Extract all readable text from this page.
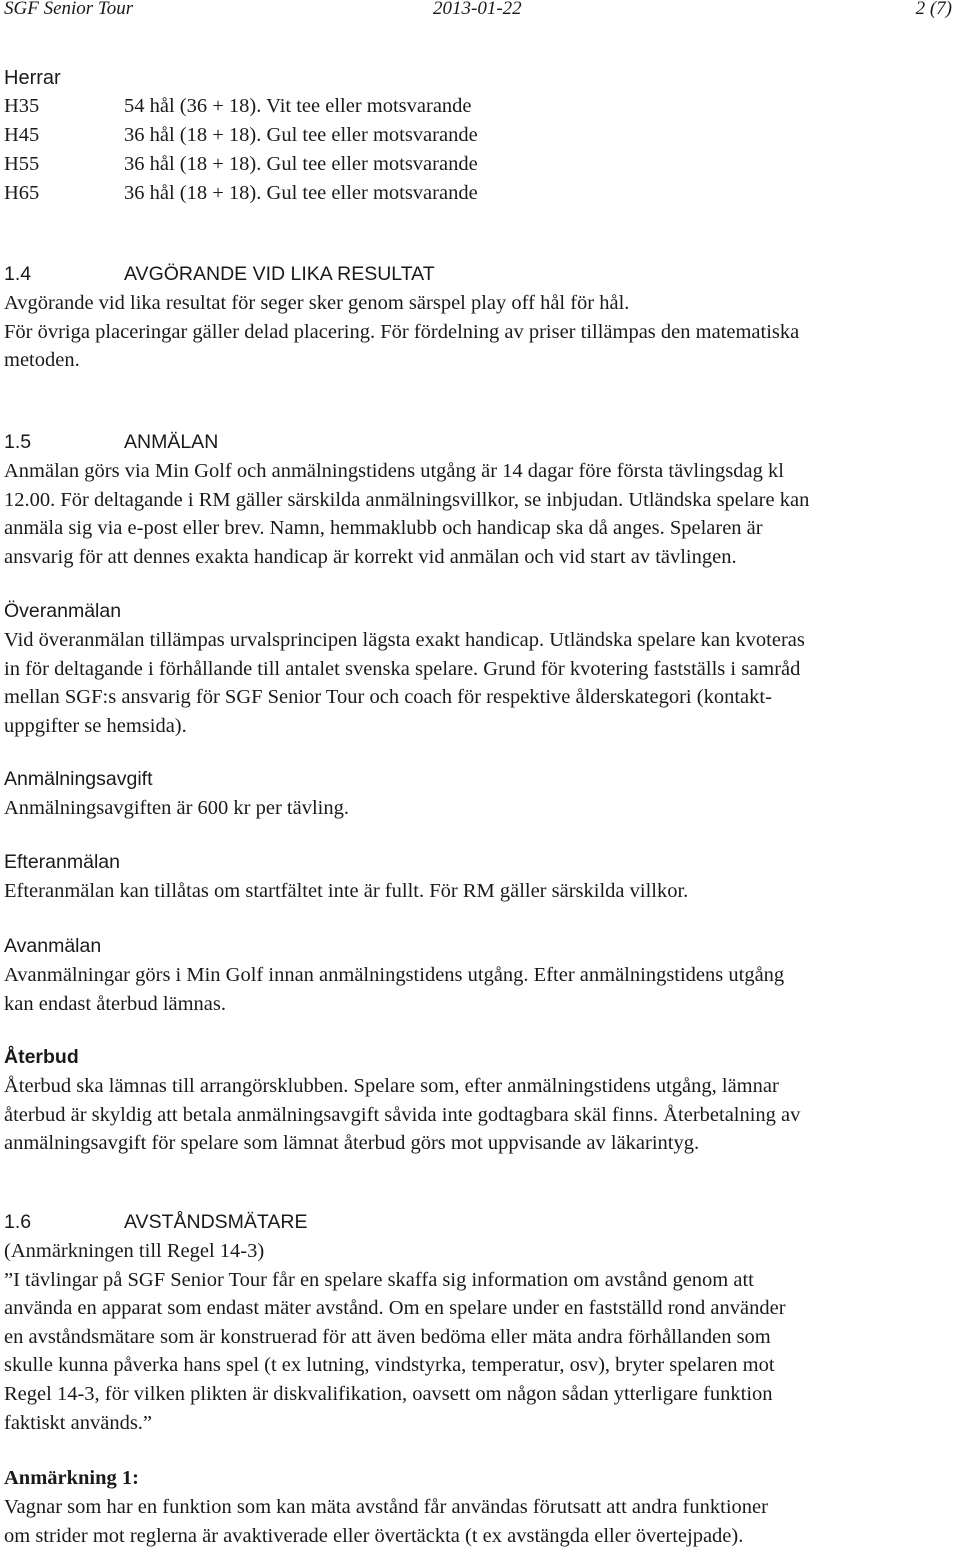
SGF Senior Tour	2013-01-22	2 (7)
Herrar
H35	54 hål (36 + 18). Vit tee eller motsvarande
H45	36 hål (18 + 18). Gul tee eller motsvarande
H55	36 hål (18 + 18). Gul tee eller motsvarande
H65	36 hål (18 + 18). Gul tee eller motsvarande
1.4	AVGÖRANDE VID LIKA RESULTAT
Avgörande vid lika resultat för seger sker genom särspel play off hål för hål.
För övriga placeringar gäller delad placering. För fördelning av priser tillämpas den matematiska
metoden.
1.5	ANMÄLAN
Anmälan görs via Min Golf och anmälningstidens utgång är 14 dagar före första tävlingsdag kl
12.00. För deltagande i RM gäller särskilda anmälningsvillkor, se inbjudan. Utländska spelare kan
anmäla sig via e-post eller brev. Namn, hemmaklubb och handicap ska då anges. Spelaren är
ansvarig för att dennes exakta handicap är korrekt vid anmälan och vid start av tävlingen.
Överanmälan
Vid överanmälan tillämpas urvalsprincipen lägsta exakt handicap. Utländska spelare kan kvoteras
in för deltagande i förhållande till antalet svenska spelare. Grund för kvotering fastställs i samråd
mellan SGF:s ansvarig för SGF Senior Tour och coach för respektive ålderskategori (kontakt-
uppgifter se hemsida).
Anmälningsavgift
Anmälningsavgiften är 600 kr per tävling.
Efteranmälan
Efteranmälan kan tillåtas om startfältet inte är fullt. För RM gäller särskilda villkor.
Avanmälan
Avanmälningar görs i Min Golf innan anmälningstidens utgång. Efter anmälningstidens utgång
kan endast återbud lämnas.
Återbud
Återbud ska lämnas till arrangörsklubben. Spelare som, efter anmälningstidens utgång, lämnar
återbud är skyldig att betala anmälningsavgift såvida inte godtagbara skäl finns. Återbetalning av
anmälningsavgift för spelare som lämnat återbud görs mot uppvisande av läkarintyg.
1.6	AVSTÅNDSMÄTARE
(Anmärkningen till Regel 14-3)
”I tävlingar på SGF Senior Tour får en spelare skaffa sig information om avstånd genom att
använda en apparat som endast mäter avstånd. Om en spelare under en fastställd rond använder
en avståndsmätare som är konstruerad för att även bedöma eller mäta andra förhållanden som
skulle kunna påverka hans spel (t ex lutning, vindstyrka, temperatur, osv), bryter spelaren mot
Regel 14-3, för vilken plikten är diskvalifikation, oavsett om någon sådan ytterligare funktion
faktiskt används.”
Anmärkning 1:
Vagnar som har en funktion som kan mäta avstånd får användas förutsatt att andra funktioner
om strider mot reglerna är avaktiverade eller övertäckta (t ex avstängda eller övertejpade).
